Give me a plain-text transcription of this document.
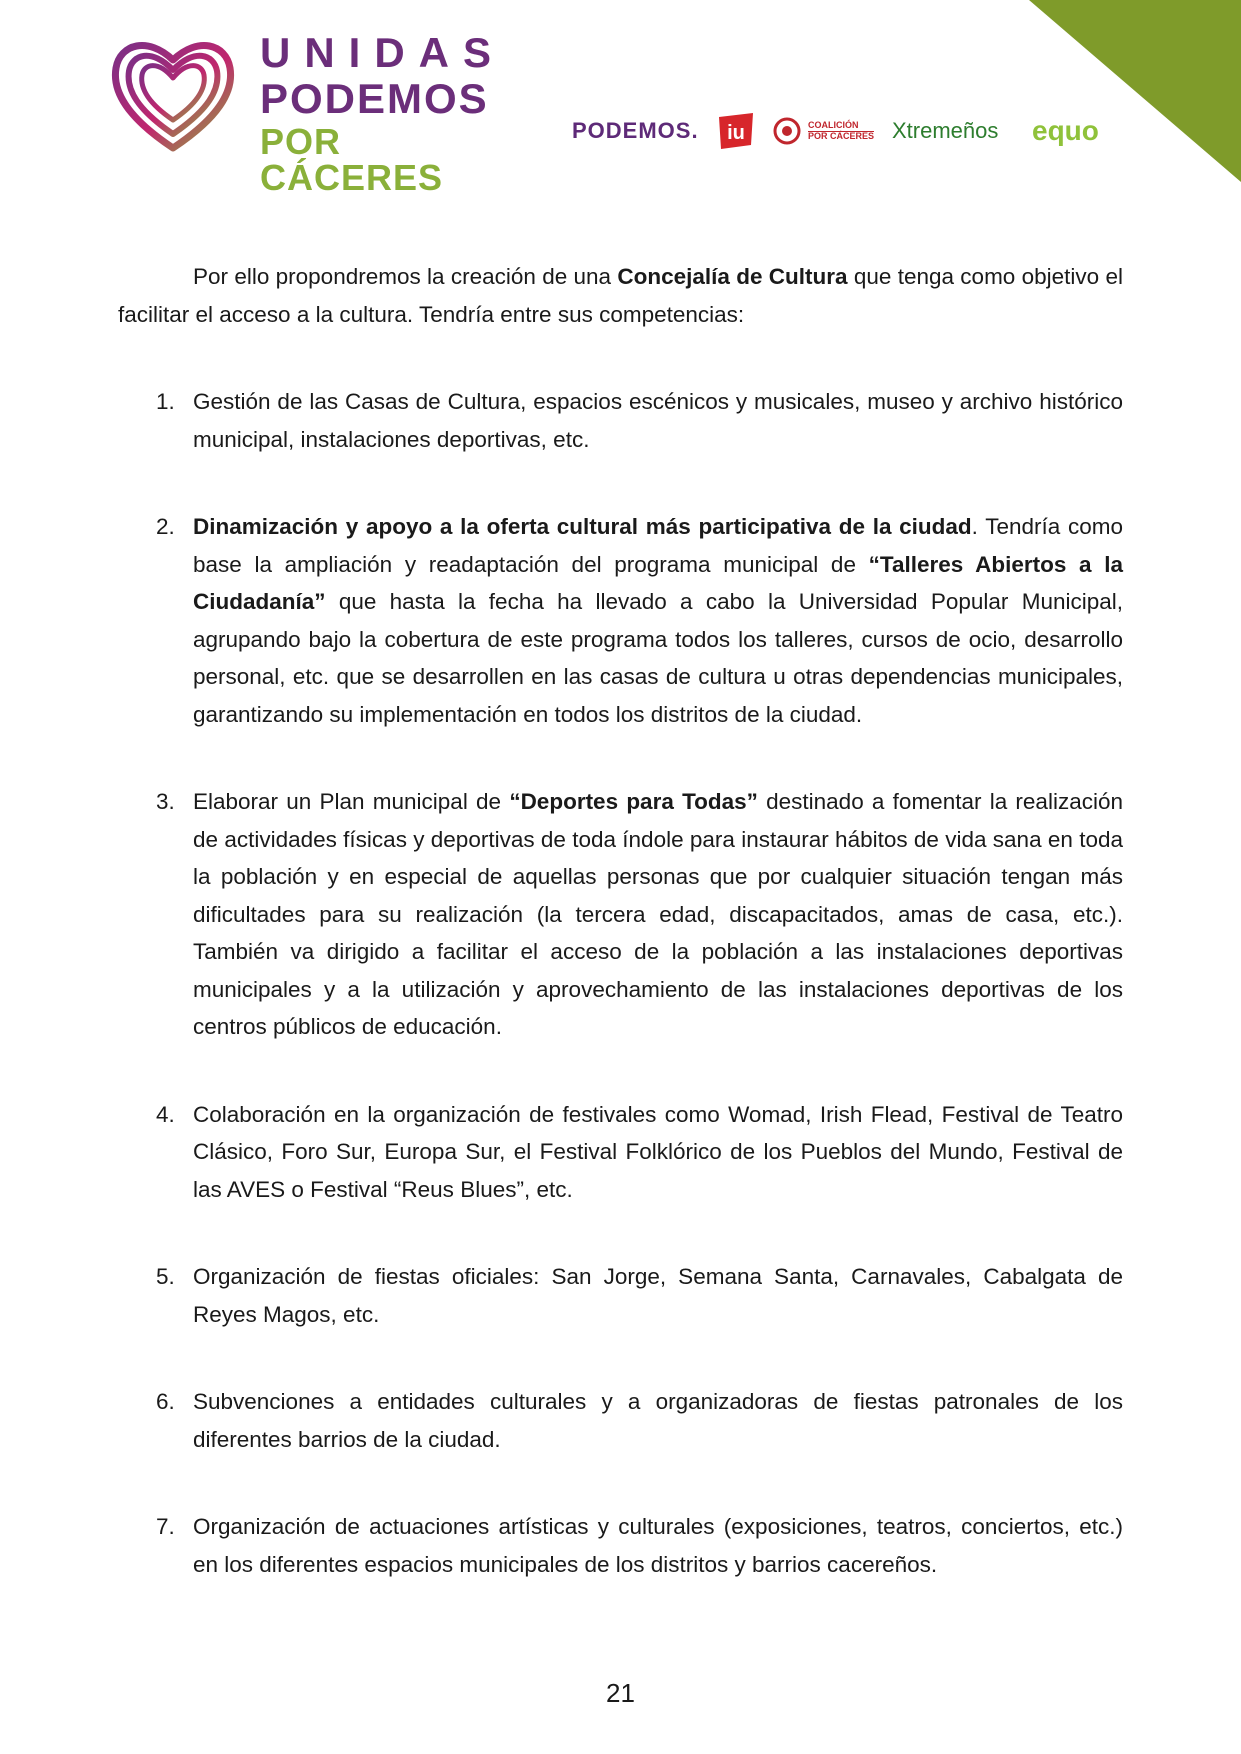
UNIDAS
PODEMOS
POR CÁCERES
PODEMOS. iu	COALICIÓN
POR CÁCERES Xtremeños equo

Por ello propondremos la creación de una Concejalía de Cultura que tenga como objetivo el facilitar el acceso a la cultura. Tendría entre sus competencias:

1. Gestión de las Casas de Cultura, espacios escénicos y musicales, museo y archivo histórico municipal, instalaciones deportivas, etc.
2. Dinamización y apoyo a la oferta cultural más participativa de la ciudad. Tendría como base la ampliación y readaptación del programa municipal de “Talleres Abiertos a la Ciudadanía” que hasta la fecha ha llevado a cabo la Universidad Popular Municipal, agrupando bajo la cobertura de este programa todos los talleres, cursos de ocio, desarrollo personal, etc. que se desarrollen en las casas de cultura u otras dependencias municipales, garantizando su implementación en todos los distritos de la ciudad.
3. Elaborar un Plan municipal de “Deportes para Todas” destinado a fomentar la realización de actividades físicas y deportivas de toda índole para instaurar hábitos de vida sana en toda la población y en especial de aquellas personas que por cualquier situación tengan más dificultades para su realización (la tercera edad, discapacitados, amas de casa, etc.). También va dirigido a facilitar el acceso de la población a las instalaciones deportivas municipales y a la utilización y aprovechamiento de las instalaciones deportivas de los centros públicos de educación.
4. Colaboración en la organización de festivales como Womad, Irish Flead, Festival de Teatro Clásico, Foro Sur, Europa Sur, el Festival Folklórico de los Pueblos del Mundo, Festival de las AVES o Festival “Reus Blues”, etc.
5. Organización de fiestas oficiales: San Jorge, Semana Santa, Carnavales, Cabalgata de Reyes Magos, etc.
6. Subvenciones a entidades culturales y a organizadoras de fiestas patronales de los diferentes barrios de la ciudad.
7. Organización de actuaciones artísticas y culturales (exposiciones, teatros, conciertos, etc.) en los diferentes espacios municipales de los distritos y barrios cacereños.
21
